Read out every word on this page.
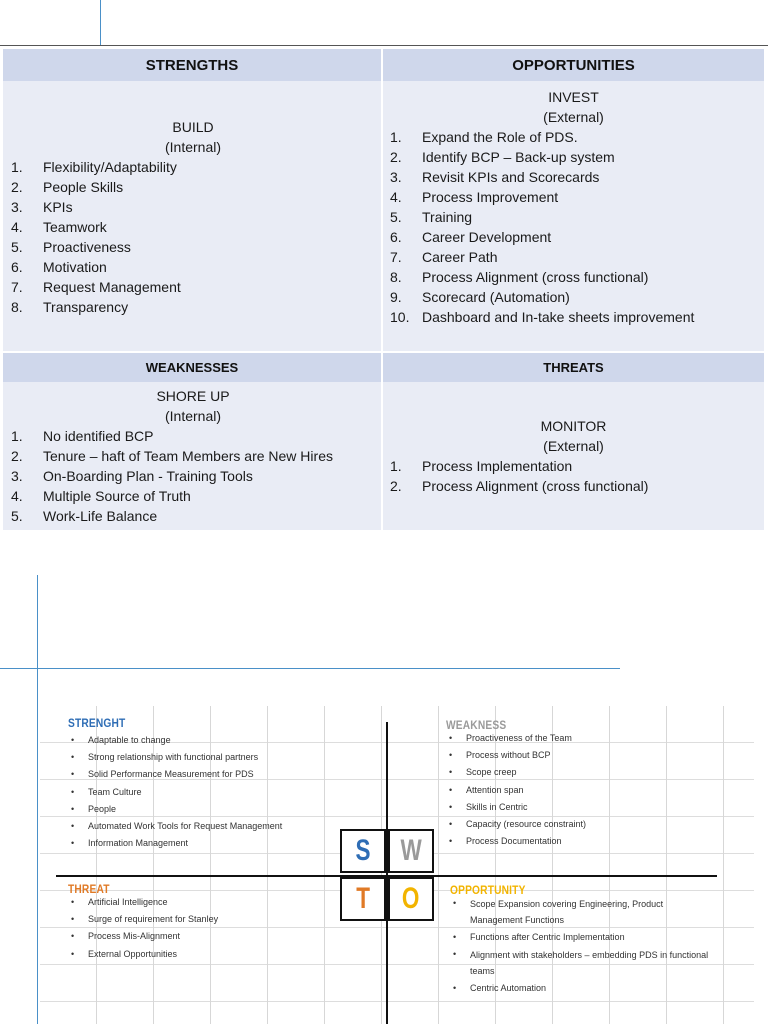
STRENGTHS	OPPORTUNITIES
BUILD
(Internal)
1.	Flexibility/Adaptability
2.	People Skills
3.	KPIs
4.	Teamwork
5.	Proactiveness
6.	Motivation
7.	Request Management
8.	Transparency
INVEST
(External)
1.	Expand the Role of PDS.
2.	Identify BCP – Back-up system
3.	Revisit KPIs and Scorecards
4.	Process Improvement
5.	Training
6.	Career Development
7.	Career Path
8.	Process Alignment (cross functional)
9.	Scorecard (Automation)
10. Dashboard and In-take sheets improvement
WEAKNESSES	THREATS
SHORE UP
(Internal)
1.	No identified BCP
2.	Tenure – haft of Team Members are New Hires
3.	On-Boarding Plan - Training Tools
4.	Multiple Source of Truth
5.	Work-Life Balance
MONITOR
(External)
1.	Process Implementation
2.	Process Alignment (cross functional)
STRENGHT
• Adaptable to change
• Strong relationship with functional partners
• Solid Performance Measurement for PDS
• Team Culture
• People
• Automated Work Tools for Request Management
• Information Management
WEAKNESS
• Proactiveness of the Team
• Process without BCP
• Scope creep
• Attention span
• Skills in Centric
• Capacity (resource constraint)
• Process Documentation
THREAT
• Artificial Intelligence
• Surge of requirement for Stanley
• Process Mis-Alignment
• External Opportunities
OPPORTUNITY
• Scope Expansion covering Engineering, Product Management Functions
• Functions after Centric Implementation
• Alignment with stakeholders – embedding PDS in functional teams
• Centric Automation
S W
T O
